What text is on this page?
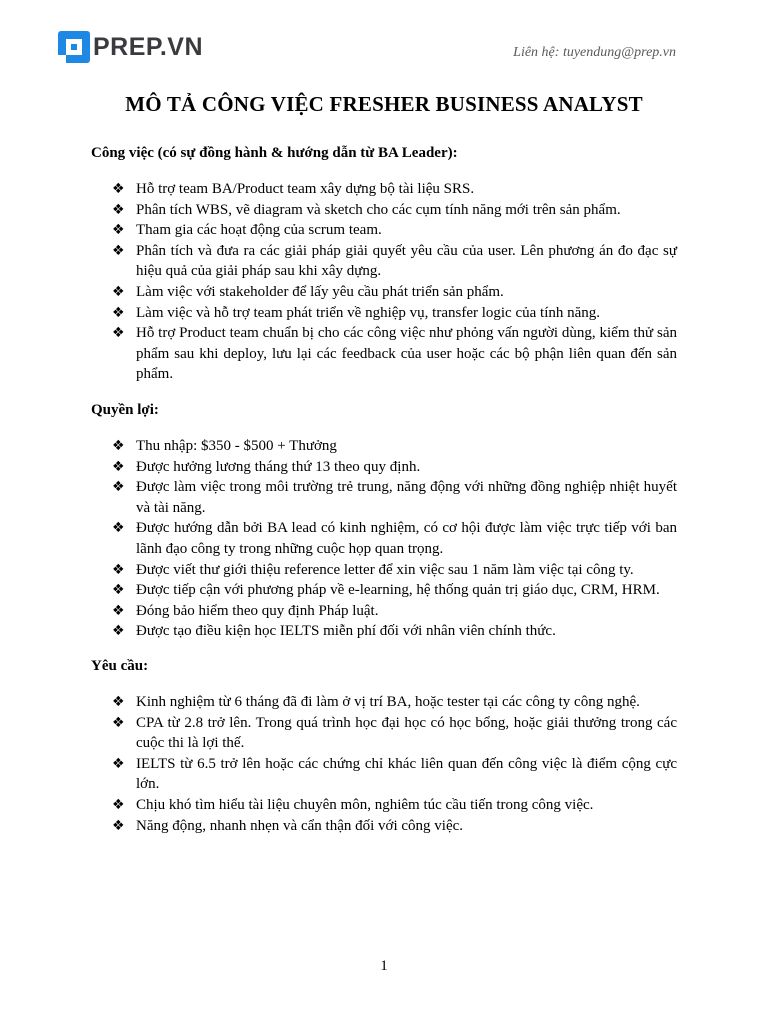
PREP.VN	Liên hệ: tuyendung@prep.vn
MÔ TẢ CÔNG VIỆC FRESHER BUSINESS ANALYST
Công việc (có sự đồng hành & hướng dẫn từ BA Leader):
❖ Hỗ trợ team BA/Product team xây dựng bộ tài liệu SRS.
❖ Phân tích WBS, vẽ diagram và sketch cho các cụm tính năng mới trên sản phẩm.
❖ Tham gia các hoạt động của scrum team.
❖ Phân tích và đưa ra các giải pháp giải quyết yêu cầu của user. Lên phương án đo đạc sự hiệu quả của giải pháp sau khi xây dựng.
❖ Làm việc với stakeholder để lấy yêu cầu phát triển sản phẩm.
❖ Làm việc và hỗ trợ team phát triển về nghiệp vụ, transfer logic của tính năng.
❖ Hỗ trợ Product team chuẩn bị cho các công việc như phỏng vấn người dùng, kiểm thử sản phẩm sau khi deploy, lưu lại các feedback của user hoặc các bộ phận liên quan đến sản phẩm.
Quyền lợi:
❖ Thu nhập: $350 - $500 + Thưởng
❖ Được hưởng lương tháng thứ 13 theo quy định.
❖ Được làm việc trong môi trường trẻ trung, năng động với những đồng nghiệp nhiệt huyết và tài năng.
❖ Được hướng dẫn bởi BA lead có kinh nghiệm, có cơ hội được làm việc trực tiếp với ban lãnh đạo công ty trong những cuộc họp quan trọng.
❖ Được viết thư giới thiệu reference letter để xin việc sau 1 năm làm việc tại công ty.
❖ Được tiếp cận với phương pháp về e-learning, hệ thống quản trị giáo dục, CRM, HRM.
❖ Đóng bảo hiểm theo quy định Pháp luật.
❖ Được tạo điều kiện học IELTS miễn phí đối với nhân viên chính thức.
Yêu cầu:
❖ Kinh nghiệm từ 6 tháng đã đi làm ở vị trí BA, hoặc tester tại các công ty công nghệ.
❖ CPA từ 2.8 trở lên. Trong quá trình học đại học có học bổng, hoặc giải thưởng trong các cuộc thi là lợi thế.
❖ IELTS từ 6.5 trở lên hoặc các chứng chỉ khác liên quan đến công việc là điểm cộng cực lớn.
❖ Chịu khó tìm hiểu tài liệu chuyên môn, nghiêm túc cầu tiến trong công việc.
❖ Năng động, nhanh nhẹn và cẩn thận đối với công việc.
1
